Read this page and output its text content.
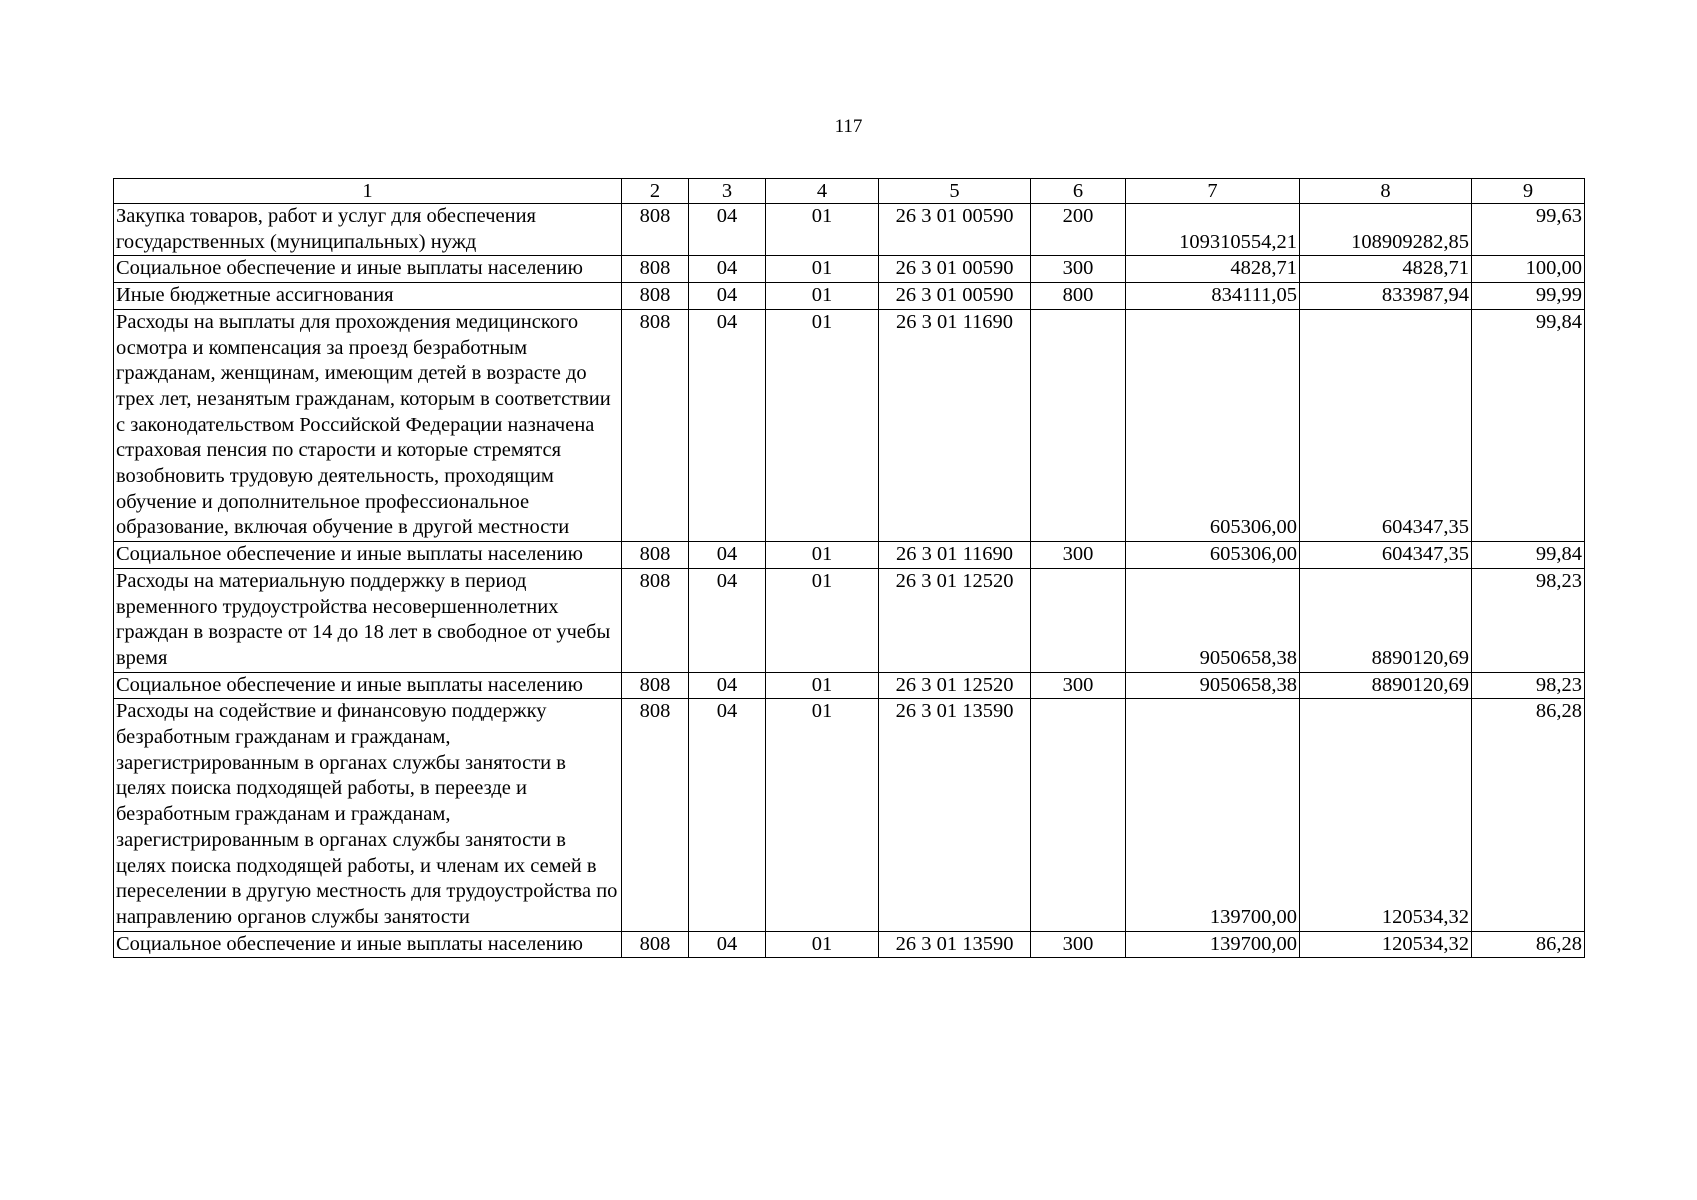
117
1	2	3	4	5	6	7	8	9
Закупка товаров, работ и услуг для обеспечения государственных (муниципальных) нужд	808	04	01	26 3 01 00590	200	109310554,21	108909282,85	99,63
Социальное обеспечение и иные выплаты населению	808	04	01	26 3 01 00590	300	4828,71	4828,71	100,00
Иные бюджетные ассигнования	808	04	01	26 3 01 00590	800	834111,05	833987,94	99,99
Расходы на выплаты для прохождения медицинского осмотра и компенсация за проезд безработным гражданам, женщинам, имеющим детей в возрасте до трех лет, незанятым гражданам, которым в соответствии с законодательством Российской Федерации назначена страховая пенсия по старости и которые стремятся возобновить трудовую деятельность, проходящим обучение и дополнительное профессиональное образование, включая обучение в другой местности	808	04	01	26 3 01 11690		605306,00	604347,35	99,84
Социальное обеспечение и иные выплаты населению	808	04	01	26 3 01 11690	300	605306,00	604347,35	99,84
Расходы на материальную поддержку в период временного трудоустройства несовершеннолетних граждан в возрасте от 14 до 18 лет в свободное от учебы время	808	04	01	26 3 01 12520		9050658,38	8890120,69	98,23
Социальное обеспечение и иные выплаты населению	808	04	01	26 3 01 12520	300	9050658,38	8890120,69	98,23
Расходы на содействие и финансовую поддержку безработным гражданам и гражданам, зарегистрированным в органах службы занятости в целях поиска подходящей работы, в переезде и безработным гражданам и гражданам, зарегистрированным в органах службы занятости в целях поиска подходящей работы, и членам их семей в переселении в другую местность для трудоустройства по направлению органов службы занятости	808	04	01	26 3 01 13590		139700,00	120534,32	86,28
Социальное обеспечение и иные выплаты населению	808	04	01	26 3 01 13590	300	139700,00	120534,32	86,28
